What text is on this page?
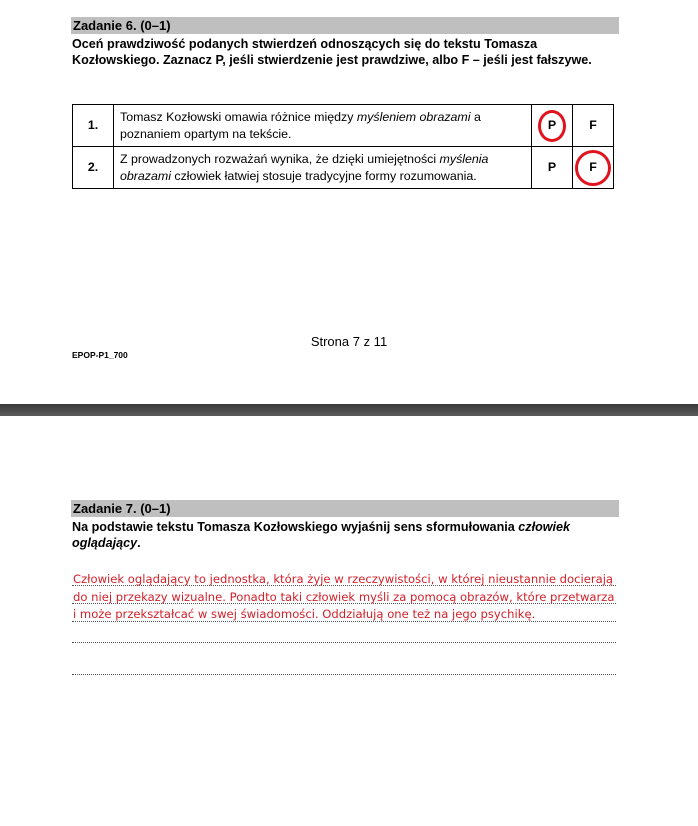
Zadanie 6. (0–1)
Oceń prawdziwość podanych stwierdzeń odnoszących się do tekstu Tomasza Kozłowskiego. Zaznacz P, jeśli stwierdzenie jest prawdziwe, albo F – jeśli jest fałszywe.
1.	Tomasz Kozłowski omawia różnice między myśleniem obrazami a poznaniem opartym na tekście.	P	F
2.	Z prowadzonych rozważań wynika, że dzięki umiejętności myślenia obrazami człowiek łatwiej stosuje tradycyjne formy rozumowania.	P	F
Strona 7 z 11
EPOP-P1_700
Zadanie 7. (0–1)
Na podstawie tekstu Tomasza Kozłowskiego wyjaśnij sens sformułowania człowiek oglądający.
Człowiek oglądający to jednostka, która żyje w rzeczywistości, w której nieustannie docierają do niej przekazy wizualne. Ponadto taki człowiek myśli za pomocą obrazów, które przetwarza i może przekształcać w swej świadomości. Oddziałują one też na jego psychikę.
